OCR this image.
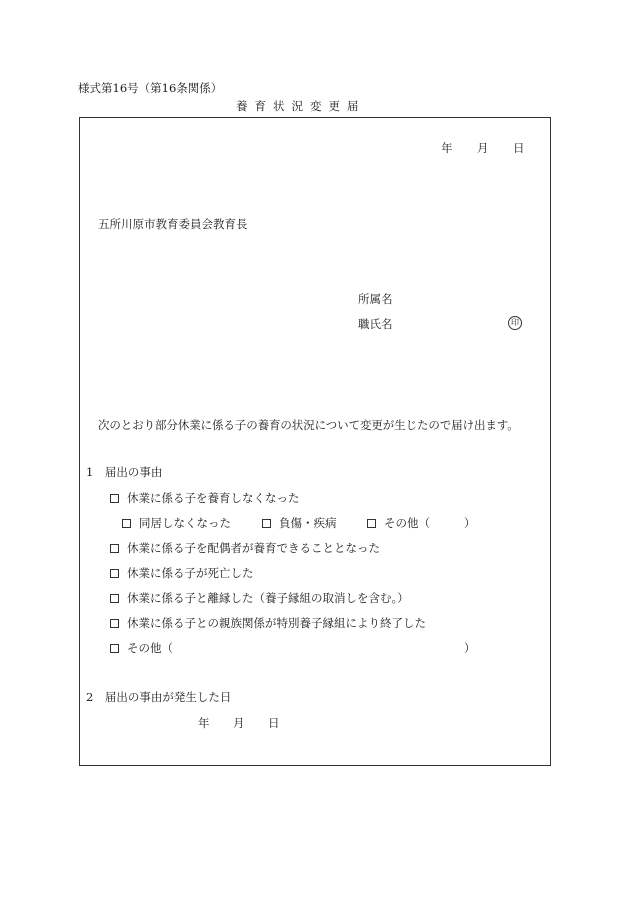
様式第16号（第16条関係）
養育状況変更届
年 月 日
五所川原市教育委員会教育長
所属名
職氏名	印
次のとおり部分休業に係る子の養育の状況について変更が生じたので届け出ます。
1　届出の事由
休業に係る子を養育しなくなった
同居しなくなった	負傷・疾病	その他（	）
休業に係る子を配偶者が養育できることとなった
休業に係る子が死亡した
休業に係る子と離縁した（養子縁組の取消しを含む。）
休業に係る子との親族関係が特別養子縁組により終了した
その他（	）
2　届出の事由が発生した日
年 月 日
